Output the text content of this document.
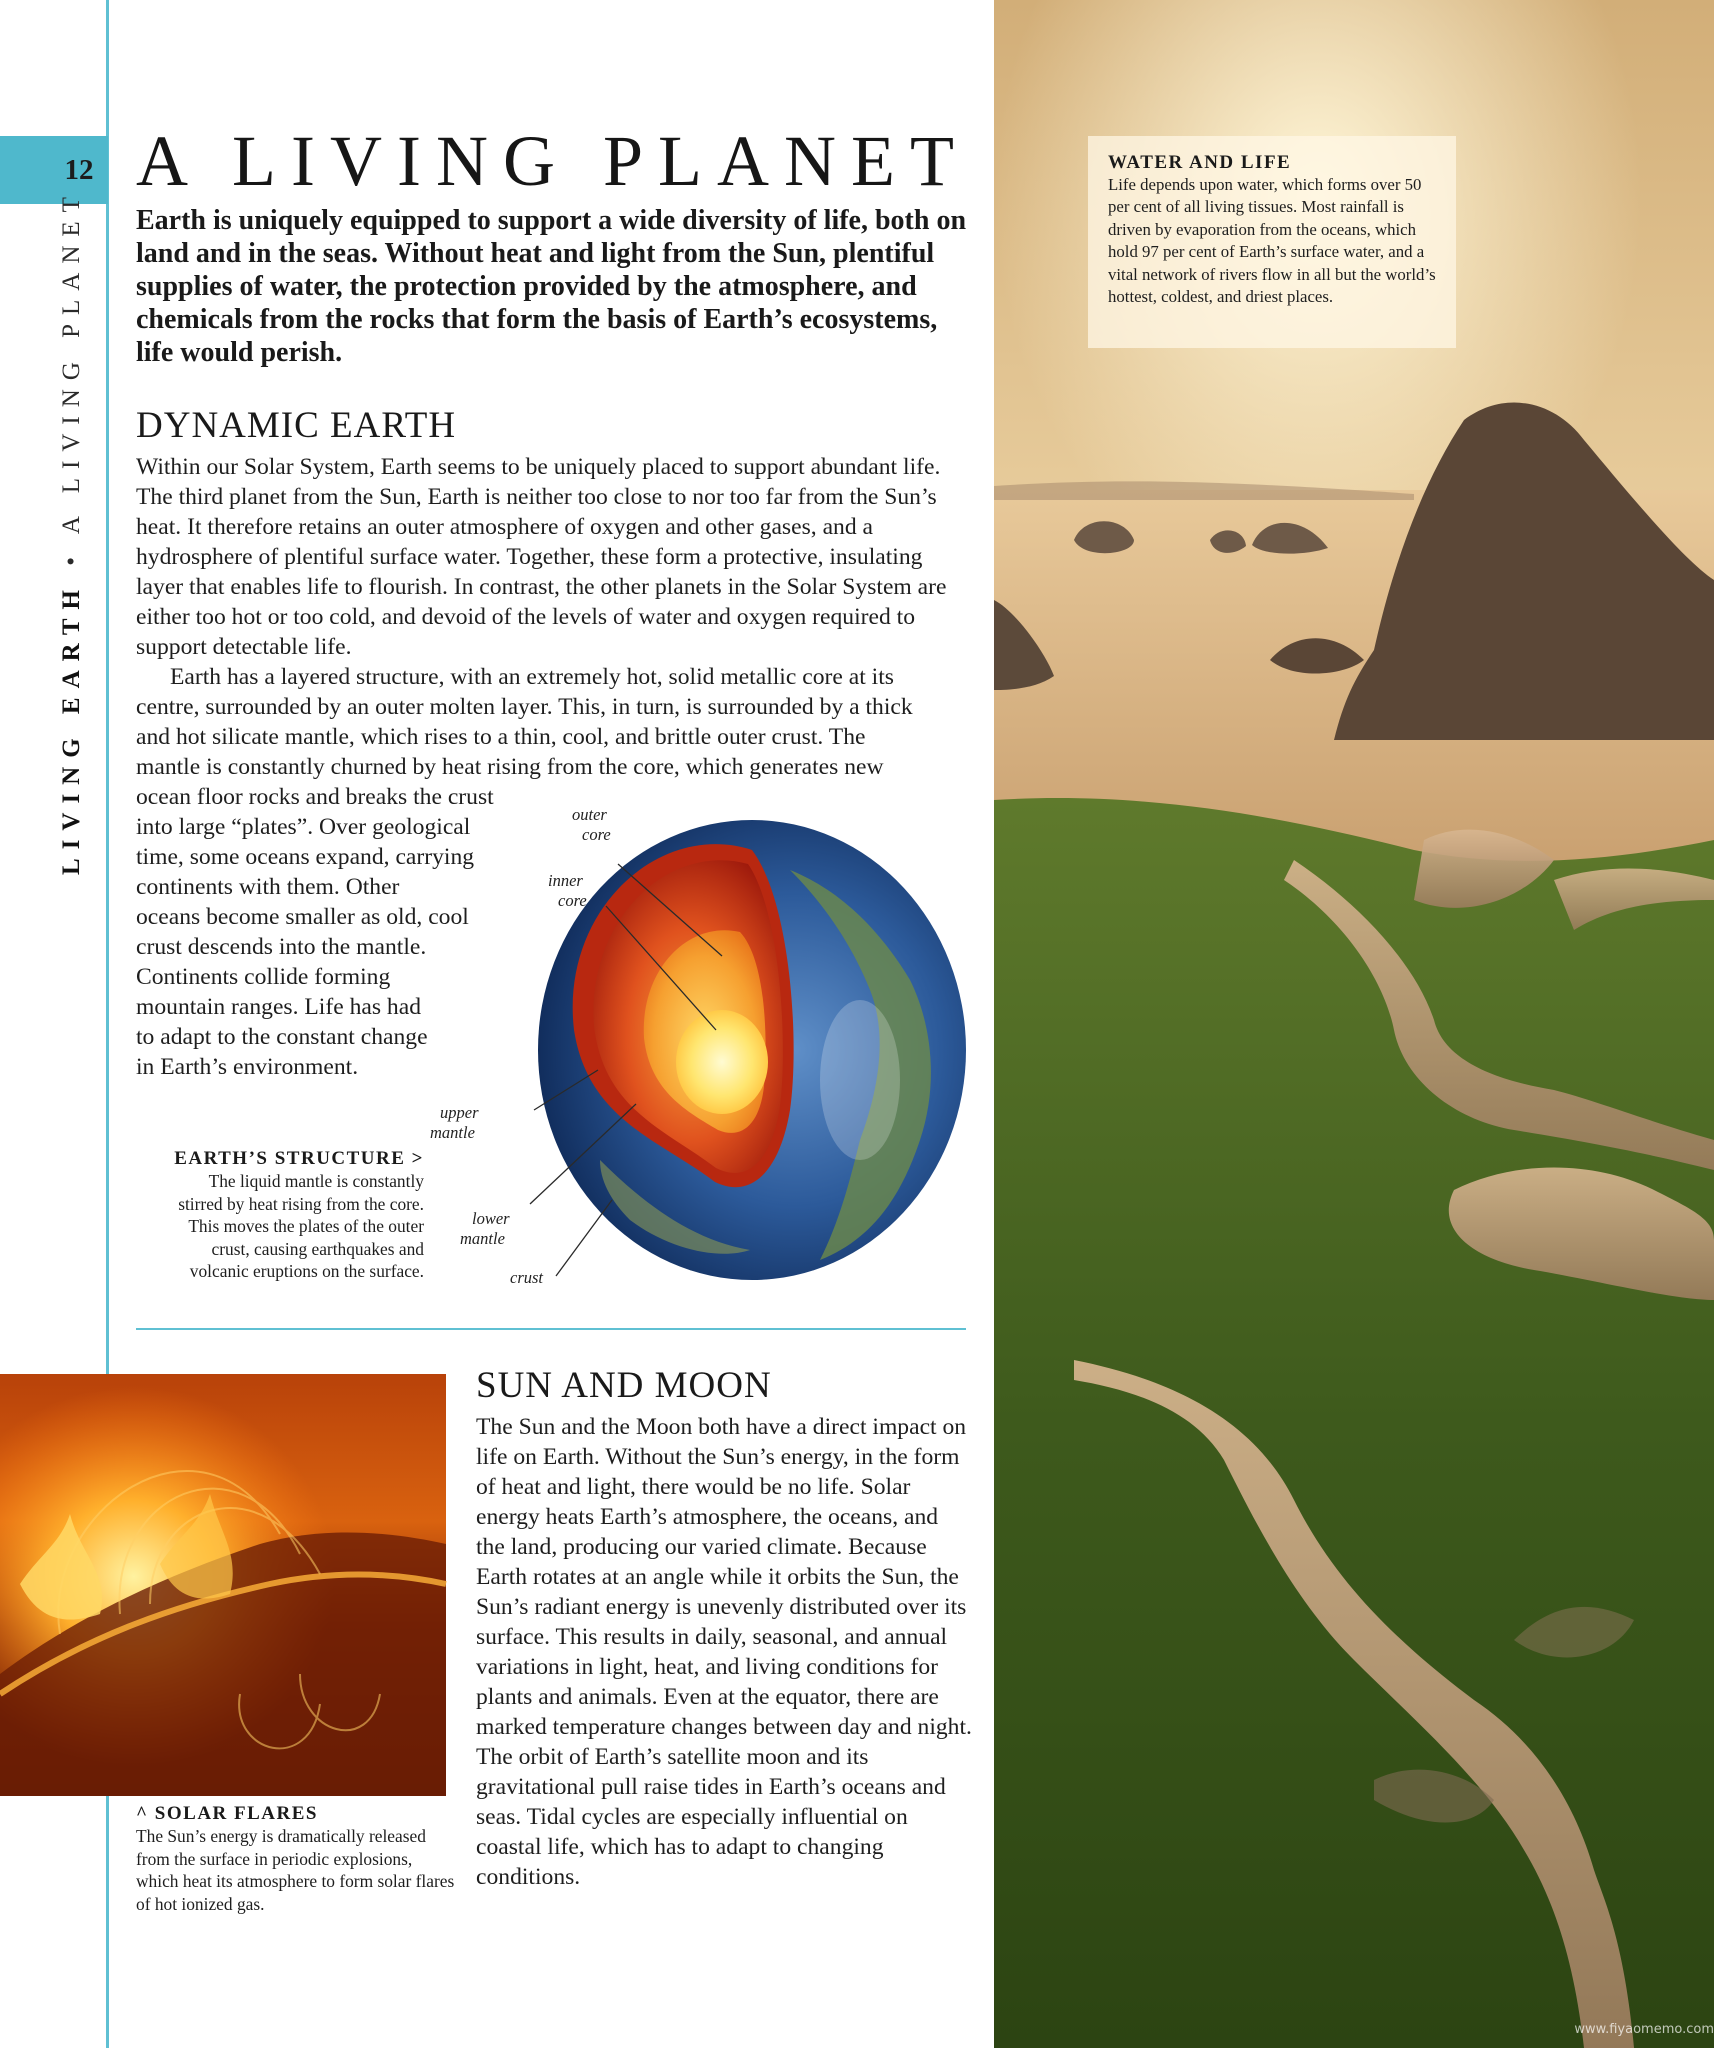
12
LIVING EARTH • A LIVING PLANET
A LIVING PLANET

Earth is uniquely equipped to support a wide diversity of life, both on land and in the seas. Without heat and light from the Sun, plentiful supplies of water, the protection provided by the atmosphere, and chemicals from the rocks that form the basis of Earth’s ecosystems, life would perish.

DYNAMIC EARTH

Within our Solar System, Earth seems to be uniquely placed to support abundant life. The third planet from the Sun, Earth is neither too close to nor too far from the Sun’s heat. It therefore retains an outer atmosphere of oxygen and other gases, and a hydrosphere of plentiful surface water. Together, these form a protective, insulating layer that enables life to flourish. In contrast, the other planets in the Solar System are either too hot or too cold, and devoid of the levels of water and oxygen required to support detectable life.

Earth has a layered structure, with an extremely hot, solid metallic core at its
centre, surrounded by an outer molten layer. This, in turn, is surrounded by a thick
and hot silicate mantle, which rises to a thin, cool, and brittle outer crust. The
mantle is constantly churned by heat rising from the core, which generates new

ocean floor rocks and breaks the crust
into large “plates”. Over geological
time, some oceans expand, carrying
continents with them. Other
oceans become smaller as old, cool
crust descends into the mantle.
Continents collide forming
mountain ranges. Life has had
to adapt to the constant change
in Earth’s environment.

outer core
inner core
upper mantle
lower mantle
crust
EARTH’S STRUCTURE >
The liquid mantle is constantly
stirred by heat rising from the core.
This moves the plates of the outer
crust, causing earthquakes and
volcanic eruptions on the surface.
^ SOLAR FLARES
The Sun’s energy is dramatically released from the surface in periodic explosions, which heat its atmosphere to form solar flares of hot ionized gas.
SUN AND MOON

The Sun and the Moon both have a direct impact on life on Earth. Without the Sun’s energy, in the form of heat and light, there would be no life. Solar energy heats Earth’s atmosphere, the oceans, and the land, producing our varied climate. Because Earth rotates at an angle while it orbits the Sun, the Sun’s radiant energy is unevenly distributed over its surface. This results in daily, seasonal, and annual variations in light, heat, and living conditions for plants and animals. Even at the equator, there are marked temperature changes between day and night. The orbit of Earth’s satellite moon and its gravitational pull raise tides in Earth’s oceans and seas. Tidal cycles are especially influential on coastal life, which has to adapt to changing conditions.

WATER AND LIFE
Life depends upon water, which forms over 50 per cent of all living tissues. Most rainfall is driven by evaporation from the oceans, which hold 97 per cent of Earth’s surface water, and a vital network of rivers flow in all but the world’s hottest, coldest, and driest places.
www.fiyaomemo.com
